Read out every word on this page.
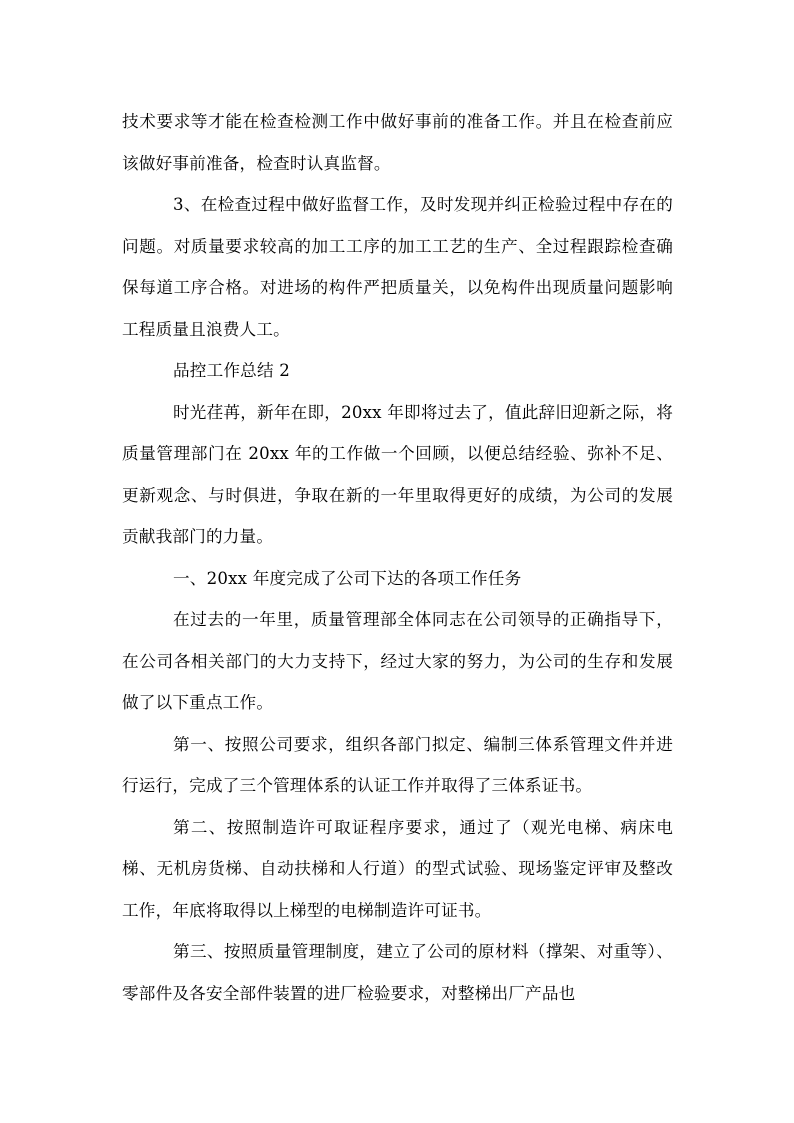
技术要求等才能在检查检测工作中做好事前的准备工作。并且在检查前应该做好事前准备，检查时认真监督。

3、在检查过程中做好监督工作，及时发现并纠正检验过程中存在的问题。对质量要求较高的加工工序的加工工艺的生产、全过程跟踪检查确保每道工序合格。对进场的构件严把质量关，以免构件出现质量问题影响工程质量且浪费人工。

品控工作总结 2

时光荏苒，新年在即，20xx 年即将过去了，值此辞旧迎新之际，将质量管理部门在 20xx 年的工作做一个回顾，以便总结经验、弥补不足、更新观念、与时俱进，争取在新的一年里取得更好的成绩，为公司的发展贡献我部门的力量。

一、20xx 年度完成了公司下达的各项工作任务

在过去的一年里，质量管理部全体同志在公司领导的正确指导下，在公司各相关部门的大力支持下，经过大家的努力，为公司的生存和发展做了以下重点工作。

第一、按照公司要求，组织各部门拟定、编制三体系管理文件并进行运行，完成了三个管理体系的认证工作并取得了三体系证书。

第二、按照制造许可取证程序要求，通过了（观光电梯、病床电梯、无机房货梯、自动扶梯和人行道）的型式试验、现场鉴定评审及整改工作，年底将取得以上梯型的电梯制造许可证书。

第三、按照质量管理制度，建立了公司的原材料（撑架、对重等）、零部件及各安全部件装置的进厂检验要求，对整梯出厂产品也
